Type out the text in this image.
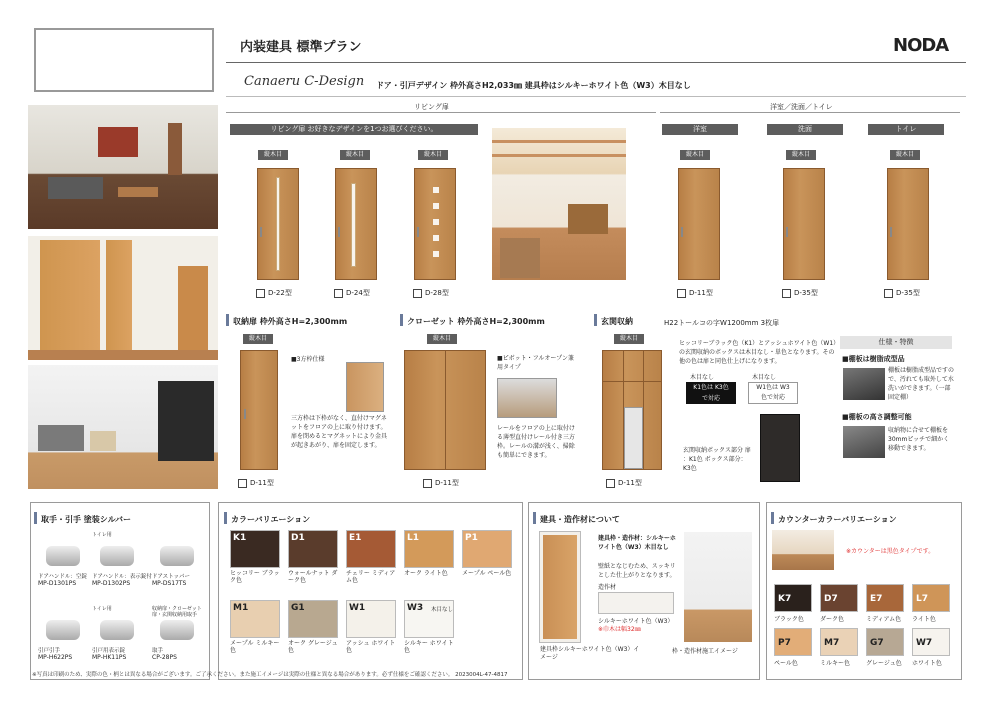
内装建具 標準プラン	NODA
Canaeru C-Design ドア・引戸デザイン 枠外高さH2,033㎜ 建具枠はシルキーホワイト色（W3）木目なし
リビング扉
リビング扉 お好きなデザインを1つお選びください。
縦木目
D-22型
縦木目
D-24型
縦木目
D-28型
洋室／洗面／トイレ
洋室	洗面	トイレ
縦木目
D-11型
縦木目
D-35型
縦木目
D-35型
収納扉 枠外高さH=2,300mm
縦木目
■3方枠仕様
三方枠は下枠がなく、直付けマグネットをフロアの上に取り付けます。扉を閉めるとマグネットにより金具が起きあがり、扉を固定します。
D-11型
クローゼット 枠外高さH=2,300mm
縦木目
■ピボット・フルオープン兼用タイプ
レールをフロアの上に取付ける薄型直付けレール付き三方枠。レールの溝が浅く、掃除も簡単にできます。
D-11型
玄関収納	H22トールコの字W1200mm 3枚扉
縦木目
D-11型
ヒッコリーブラック色（K1）とアッシュホワイト色（W1）の玄関収納のボックスは木目なし・単色となります。その他の色は扉と同色仕上げになります。
木目なし
K1色は K3色で対応
木目なし
W1色は W3色で対応
玄関収納ボックス部分 扉 ：K1色 ボックス部分：K3色
仕様・特徴
■棚板は樹脂成型品
棚板は樹脂成型品ですので、汚れても取外して水洗いができます。（一部固定棚）
■棚板の高さ調整可能
収納物に合せて棚板を30mmピッチで細かく移動できます。
取手・引手 塗装シルバー
ドアハンドル：空錠
MP-D1301PS
トイレ用
ドアハンドル：表示錠付
MP-D1302PS
ドアストッパー
MP-DS17TS
引戸引手
MP-H622PS
トイレ用
引戸用表示錠
MP-HK11PS
収納扉・クローゼット扉・玄関収納用取手
取手
CP-28PS
カラーバリエーション	建具・造作材について
建具枠・造作材：シルキーホワイト色（W3）木目なし
壁紙となじむため、スッキリとした仕上がりとなります。
造作材
シルキーホワイト色（W3）
※巾木は幅32㎜
建具枠シルキーホワイト色（W3）イメージ
枠・造作材施工イメージ
カウンターカラーバリエーション
※カウンターは黒色タイプです。
※写真は印刷のため、実際の色・柄とは異なる場合がございます。ご了承ください。また施工イメージは実際の仕様と異なる場合があります。必ず仕様をご確認ください。 2023004L-47-4817
K1
ヒッコリー ブラック色
D1
ウォールナット ダーク色
E1
チェリー ミディアム色
L1
オーク ライト色
P1
メープル ペール色
M1
メープル ミルキー色
G1
オーク グレージュ色
W1
アッシュ ホワイト色
W3 木目なし
シルキー ホワイト色
K7
ブラック色
D7
ダーク色
E7
ミディアム色
L7
ライト色
P7
ペール色
M7
ミルキー色
G7
グレージュ色
W7
ホワイト色
